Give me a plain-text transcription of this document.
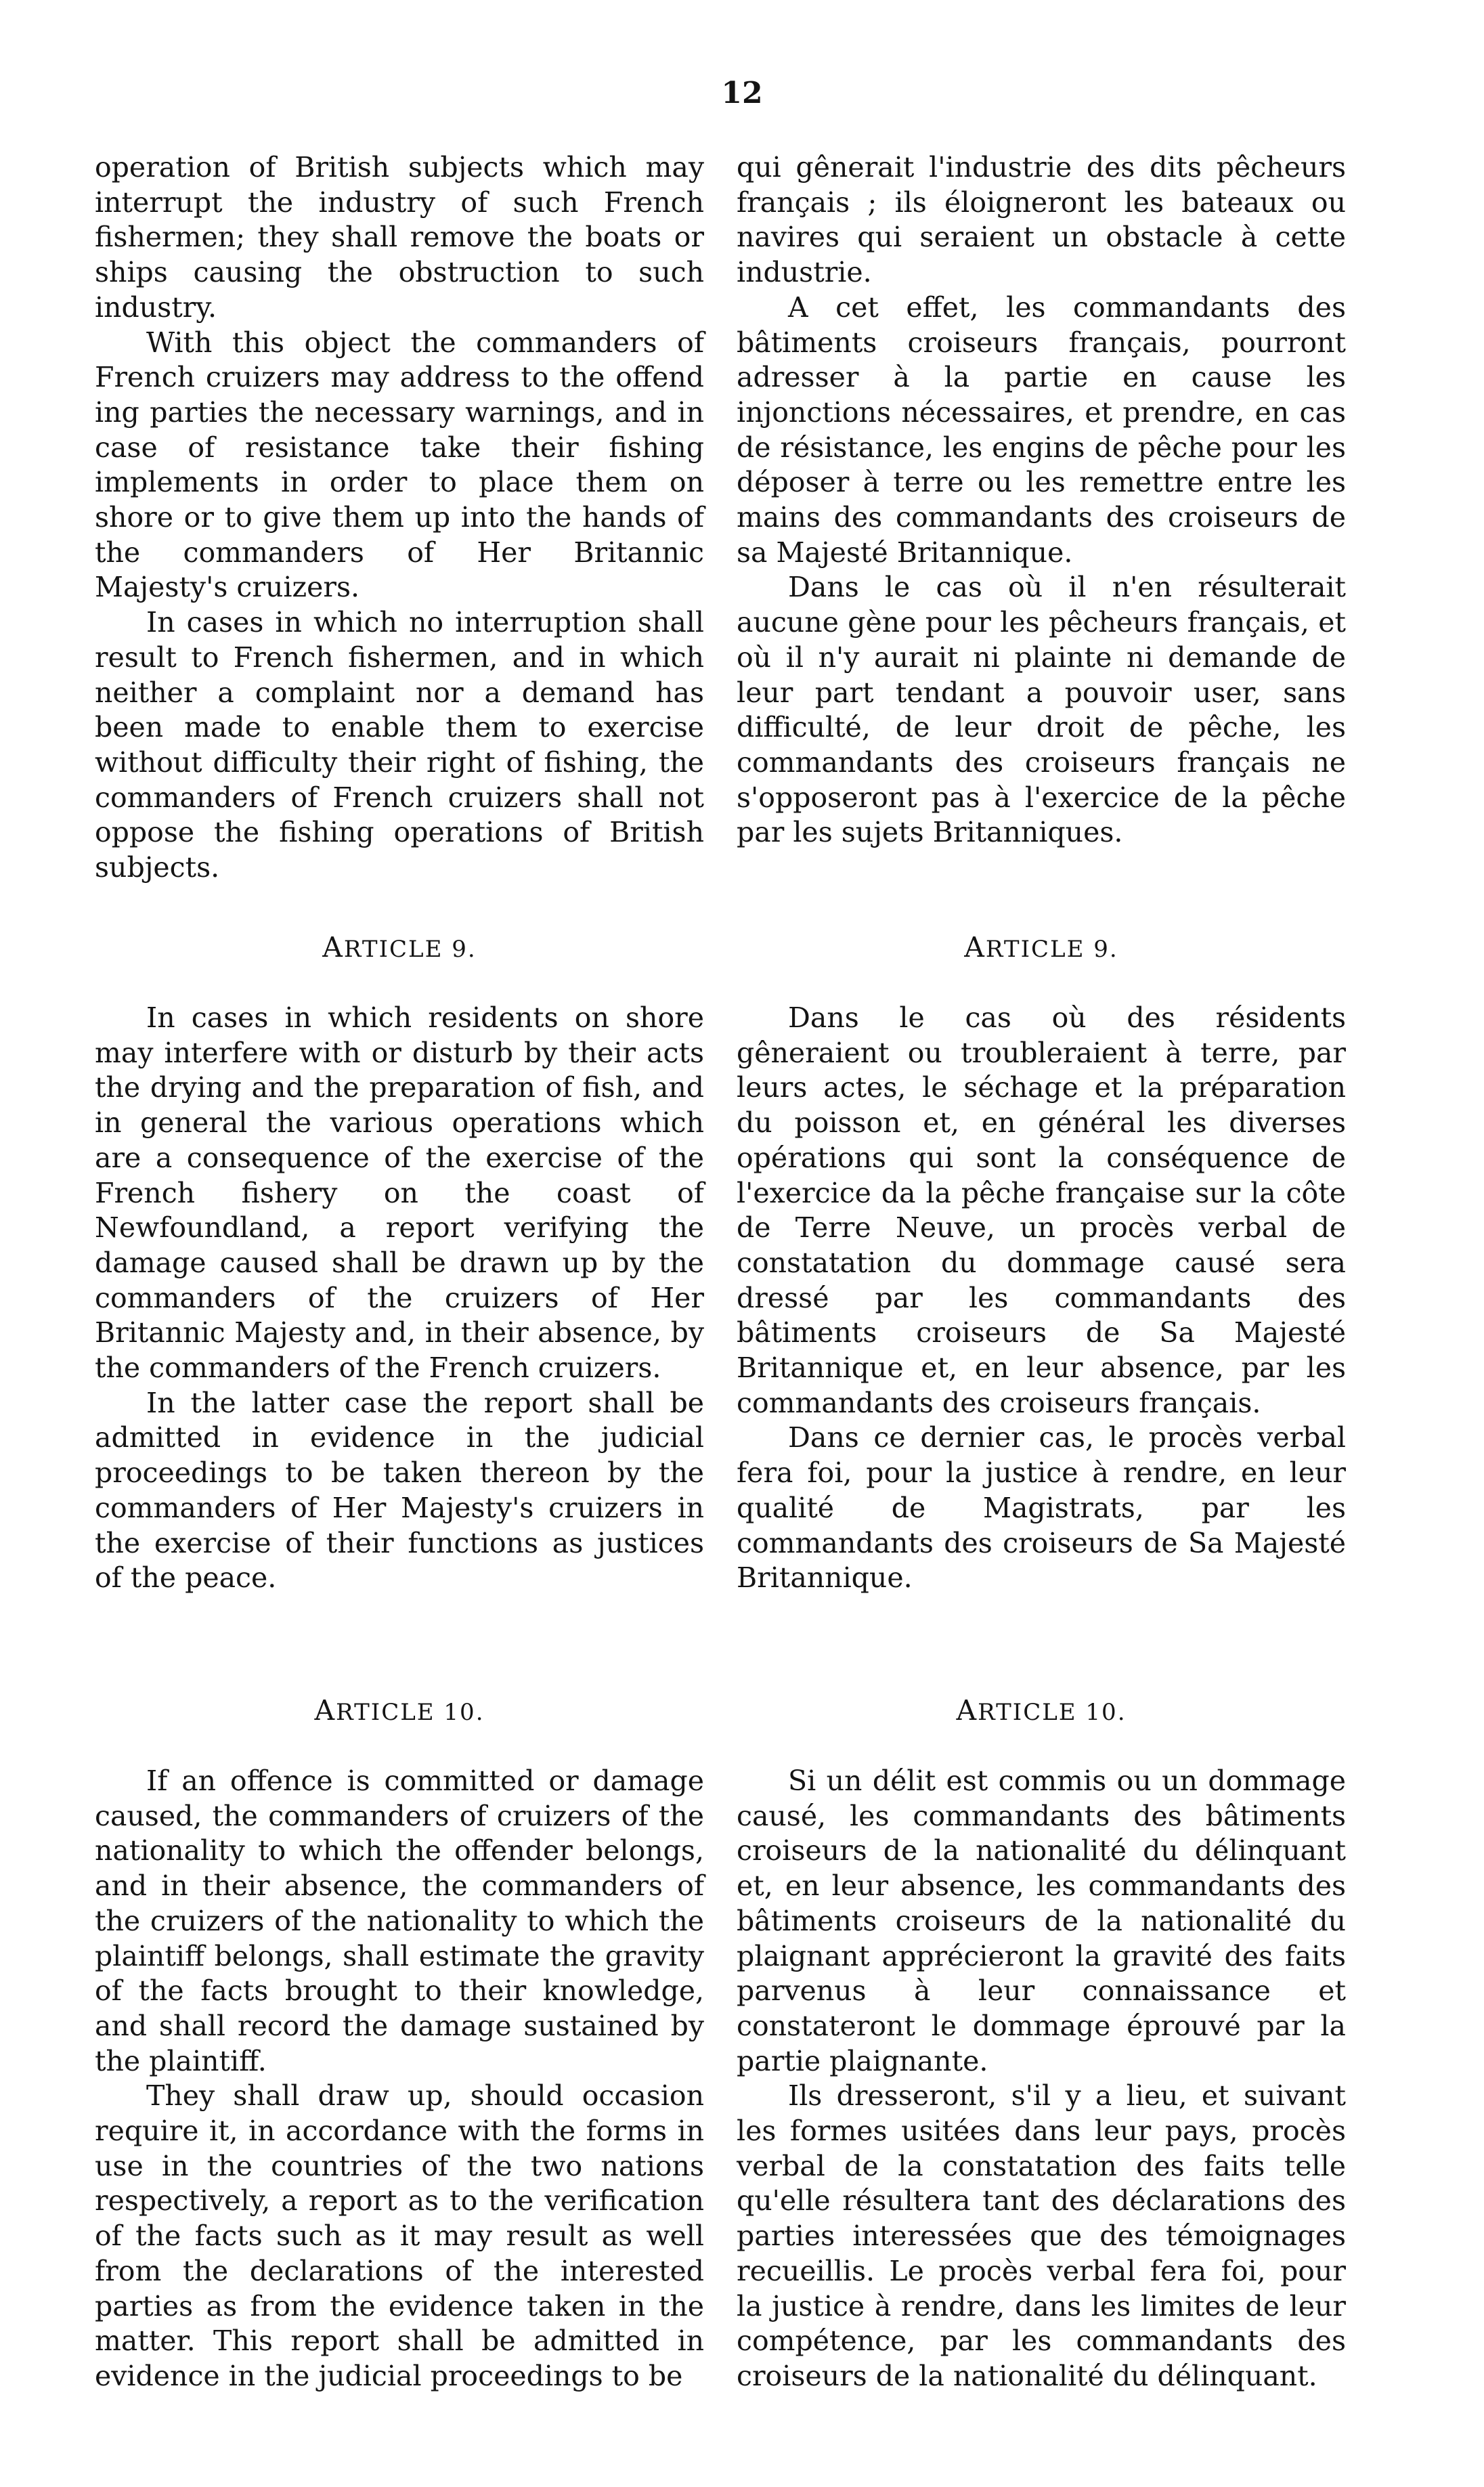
12

operation of British subjects which may interrupt the industry of such French fishermen; they shall remove the boats or ships causing the obstruction to such industry.

With this object the commanders of French cruizers may address to the offend ing parties the necessary warnings, and in case of resistance take their fishing implements in order to place them on shore or to give them up into the hands of the commanders of Her Britannic Majesty's cruizers.

In cases in which no interruption shall result to French fishermen, and in which neither a complaint nor a demand has been made to enable them to exercise without difficulty their right of fishing, the commanders of French cruizers shall not oppose the fishing operations of British subjects.

qui gênerait l'industrie des dits pêcheurs français ; ils éloigneront les bateaux ou navires qui seraient un obstacle à cette industrie.

A cet effet, les commandants des bâtiments croiseurs français, pourront adresser à la partie en cause les injonctions nécessaires, et prendre, en cas de résistance, les engins de pêche pour les déposer à terre ou les remettre entre les mains des commandants des croiseurs de sa Majesté Britannique.

Dans le cas où il n'en résulterait aucune gène pour les pêcheurs français, et où il n'y aurait ni plainte ni demande de leur part tendant a pouvoir user, sans difficulté, de leur droit de pêche, les commandants des croiseurs français ne s'opposeront pas à l'exercice de la pêche par les sujets Britanniques.

ARTICLE 9.	ARTICLE 9.

In cases in which residents on shore may interfere with or disturb by their acts the drying and the preparation of fish, and in general the various operations which are a consequence of the exercise of the French fishery on the coast of Newfoundland, a report verifying the damage caused shall be drawn up by the commanders of the cruizers of Her Britannic Majesty and, in their absence, by the commanders of the French cruizers.

In the latter case the report shall be admitted in evidence in the judicial proceedings to be taken thereon by the commanders of Her Majesty's cruizers in the exercise of their functions as justices of the peace.

Dans le cas où des résidents gêneraient ou troubleraient à terre, par leurs actes, le séchage et la préparation du poisson et, en général les diverses opérations qui sont la conséquence de l'exercice da la pêche française sur la côte de Terre Neuve, un procès verbal de constatation du dommage causé sera dressé par les commandants des bâtiments croiseurs de Sa Majesté Britannique et, en leur absence, par les commandants des croiseurs français.

Dans ce dernier cas, le procès verbal fera foi, pour la justice à rendre, en leur qualité de Magistrats, par les commandants des croiseurs de Sa Majesté Britannique.

ARTICLE 10.	ARTICLE 10.

If an offence is committed or damage caused, the commanders of cruizers of the nationality to which the offender belongs, and in their absence, the commanders of the cruizers of the nationality to which the plaintiff belongs, shall estimate the gravity of the facts brought to their knowledge, and shall record the damage sustained by the plaintiff.

They shall draw up, should occasion require it, in accordance with the forms in use in the countries of the two nations respectively, a report as to the verification of the facts such as it may result as well from the declarations of the interested parties as from the evidence taken in the matter. This report shall be admitted in evidence in the judicial proceedings to be

Si un délit est commis ou un dommage causé, les commandants des bâtiments croiseurs de la nationalité du délinquant et, en leur absence, les commandants des bâtiments croiseurs de la nationalité du plaignant apprécieront la gravité des faits parvenus à leur connaissance et constateront le dommage éprouvé par la partie plaignante.

Ils dresseront, s'il y a lieu, et suivant les formes usitées dans leur pays, procès verbal de la constatation des faits telle qu'elle résultera tant des déclarations des parties interessées que des témoignages recueillis. Le procès verbal fera foi, pour la justice à rendre, dans les limites de leur compétence, par les commandants des croiseurs de la nationalité du délinquant.
